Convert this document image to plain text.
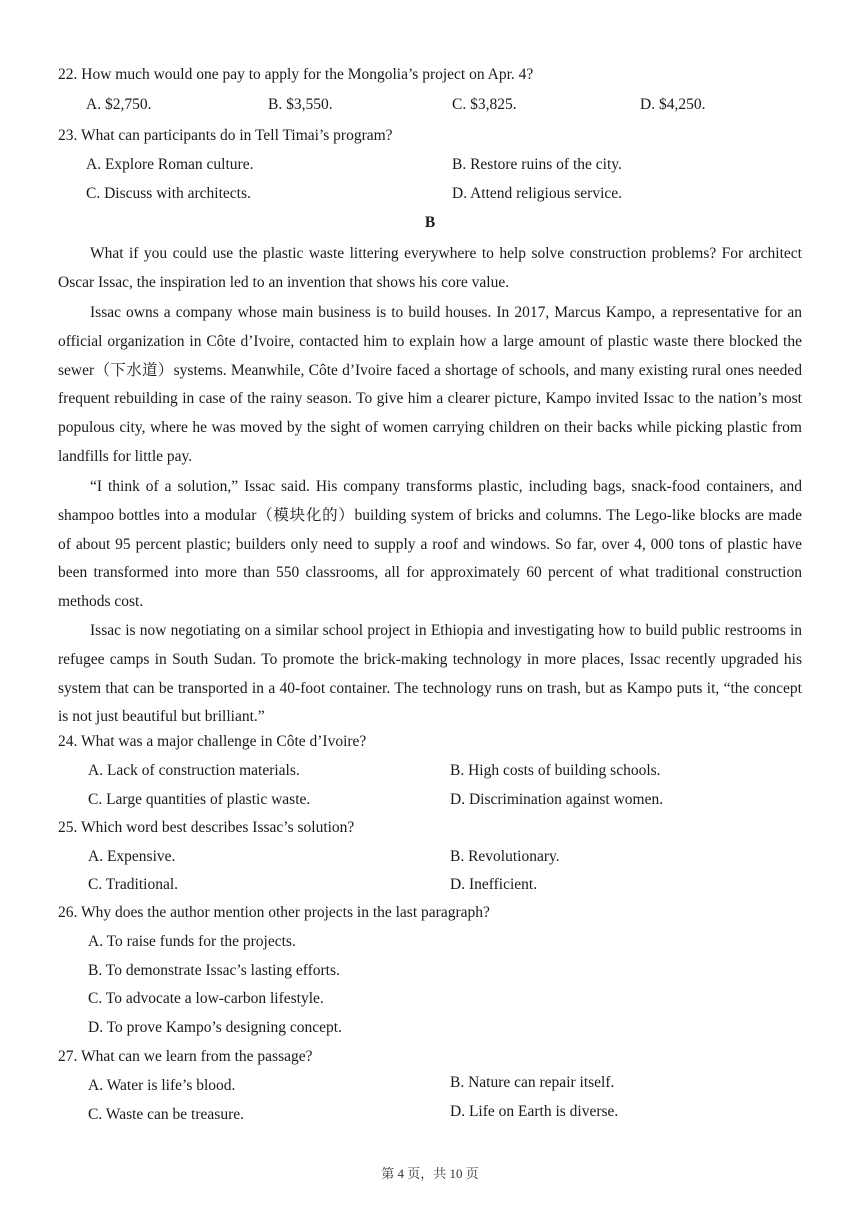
22. How much would one pay to apply for the Mongolia’s project on Apr. 4?
A. $2,750.	B. $3,550.	C. $3,825.	D. $4,250.
23. What can participants do in Tell Timai’s program?
A. Explore Roman culture.	B. Restore ruins of the city.
C. Discuss with architects.	D. Attend religious service.
B

What if you could use the plastic waste littering everywhere to help solve construction problems? For architect Oscar Issac, the inspiration led to an invention that shows his core value.

Issac owns a company whose main business is to build houses. In 2017, Marcus Kampo, a representative for an official organization in Côte d’Ivoire, contacted him to explain how a large amount of plastic waste there blocked the sewer（下水道）systems. Meanwhile, Côte d’Ivoire faced a shortage of schools, and many existing rural ones needed frequent rebuilding in case of the rainy season. To give him a clearer picture, Kampo invited Issac to the nation’s most populous city, where he was moved by the sight of women carrying children on their backs while picking plastic from landfills for little pay.

“I think of a solution,” Issac said. His company transforms plastic, including bags, snack-food containers, and shampoo bottles into a modular（模块化的）building system of bricks and columns. The Lego-like blocks are made of about 95 percent plastic; builders only need to supply a roof and windows. So far, over 4, 000 tons of plastic have been transformed into more than 550 classrooms, all for approximately 60 percent of what traditional construction methods cost.

Issac is now negotiating on a similar school project in Ethiopia and investigating how to build public restrooms in refugee camps in South Sudan. To promote the brick-making technology in more places, Issac recently upgraded his system that can be transported in a 40-foot container. The technology runs on trash, but as Kampo puts it, “the concept is not just beautiful but brilliant.”

24. What was a major challenge in Côte d’Ivoire?
A. Lack of construction materials.	B. High costs of building schools.
C. Large quantities of plastic waste.	D. Discrimination against women.
25. Which word best describes Issac’s solution?
A. Expensive.	B. Revolutionary.
C. Traditional.	D. Inefficient.
26. Why does the author mention other projects in the last paragraph?
A. To raise funds for the projects.
B. To demonstrate Issac’s lasting efforts.
C. To advocate a low-carbon lifestyle.
D. To prove Kampo’s designing concept.
27. What can we learn from the passage?
A. Water is life’s blood.	B. Nature can repair itself.
C. Waste can be treasure.	D. Life on Earth is diverse.
第 4 页，共 10 页
